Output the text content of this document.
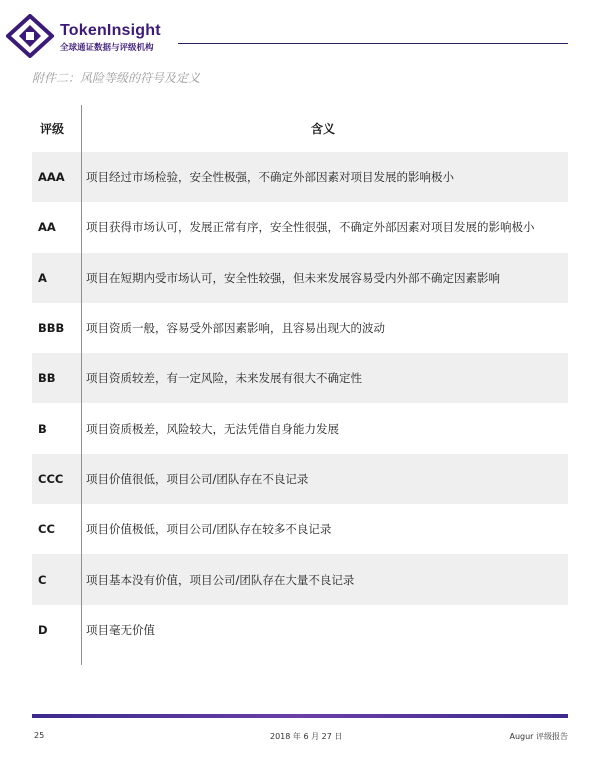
TokenInsight
全球通证数据与评级机构
附件二：风险等级的符号及定义
评级	含义
AAA	项目经过市场检验，安全性极强，不确定外部因素对项目发展的影响极小
AA	项目获得市场认可，发展正常有序，安全性很强，不确定外部因素对项目发展的影响极小
A	项目在短期内受市场认可，安全性较强，但未来发展容易受内外部不确定因素影响
BBB	项目资质一般，容易受外部因素影响，且容易出现大的波动
BB	项目资质较差，有一定风险，未来发展有很大不确定性
B	项目资质极差，风险较大，无法凭借自身能力发展
CCC	项目价值很低，项目公司/团队存在不良记录
CC	项目价值极低，项目公司/团队存在较多不良记录
C	项目基本没有价值，项目公司/团队存在大量不良记录
D	项目毫无价值
25	2018 年 6 月 27 日	Augur 评级报告
